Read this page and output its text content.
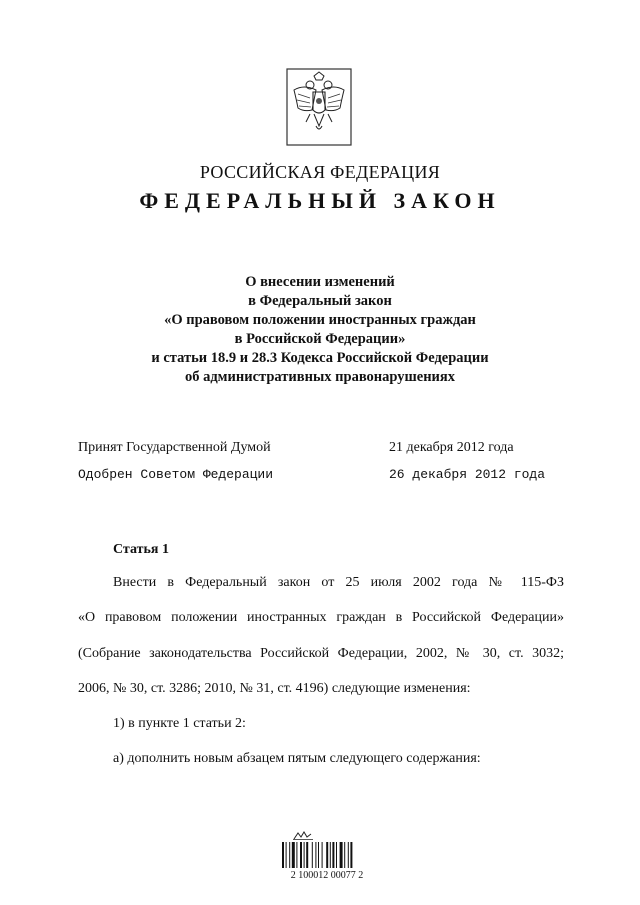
РОССИЙСКАЯ ФЕДЕРАЦИЯ
ФЕДЕРАЛЬНЫЙ ЗАКОН
О внесении изменений
в Федеральный закон
«О правовом положении иностранных граждан
в Российской Федерации»
и статьи 18.9 и 28.3 Кодекса Российской Федерации
об административных правонарушениях
Принят Государственной Думой	21 декабря 2012 года
Одобрен Советом Федерации	26 декабря 2012 года
Статья 1
Внести в Федеральный закон от 25 июля 2002 года № 115-ФЗ
«О правовом положении иностранных граждан в Российской Федерации»
(Собрание законодательства Российской Федерации, 2002, № 30, ст. 3032;
2006, № 30, ст. 3286; 2010, № 31, ст. 4196) следующие изменения:
1) в пункте 1 статьи 2:
а) дополнить новым абзацем пятым следующего содержания:
2 100012 00077 2
